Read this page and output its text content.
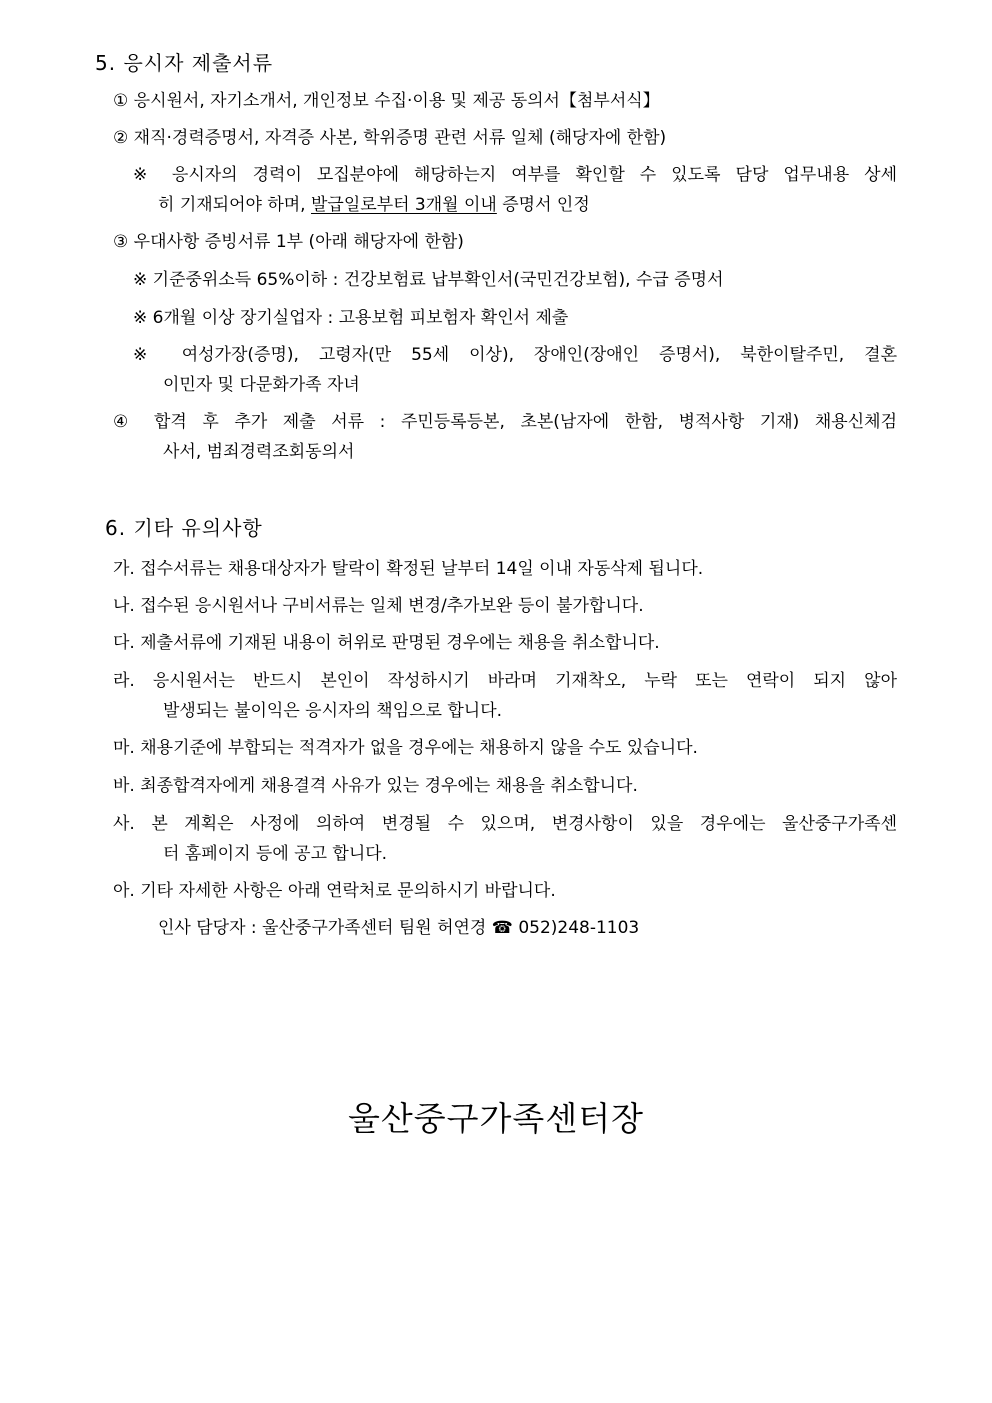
5. 응시자 제출서류
① 응시원서, 자기소개서, 개인정보 수집·이용 및 제공 동의서【첨부서식】
② 재직·경력증명서, 자격증 사본, 학위증명 관련 서류 일체 (해당자에 한함)
※ 응시자의 경력이 모집분야에 해당하는지 여부를 확인할 수 있도록 담당 업무내용 상세
히 기재되어야 하며, 발급일로부터 3개월 이내 증명서 인정
③ 우대사항 증빙서류 1부 (아래 해당자에 한함)
※ 기준중위소득 65%이하 : 건강보험료 납부확인서(국민건강보험), 수급 증명서
※ 6개월 이상 장기실업자 : 고용보험 피보험자 확인서 제출
※ 여성가장(증명), 고령자(만 55세 이상), 장애인(장애인 증명서), 북한이탈주민, 결혼
이민자 및 다문화가족 자녀
④ 합격 후 추가 제출 서류 : 주민등록등본, 초본(남자에 한함, 병적사항 기재) 채용신체검
사서, 범죄경력조회동의서
6. 기타 유의사항
가. 접수서류는 채용대상자가 탈락이 확정된 날부터 14일 이내 자동삭제 됩니다.
나. 접수된 응시원서나 구비서류는 일체 변경/추가보완 등이 불가합니다.
다. 제출서류에 기재된 내용이 허위로 판명된 경우에는 채용을 취소합니다.
라. 응시원서는 반드시 본인이 작성하시기 바라며 기재착오, 누락 또는 연락이 되지 않아
발생되는 불이익은 응시자의 책임으로 합니다.
마. 채용기준에 부합되는 적격자가 없을 경우에는 채용하지 않을 수도 있습니다.
바. 최종합격자에게 채용결격 사유가 있는 경우에는 채용을 취소합니다.
사. 본 계획은 사정에 의하여 변경될 수 있으며, 변경사항이 있을 경우에는 울산중구가족센
터 홈페이지 등에 공고 합니다.
아. 기타 자세한 사항은 아래 연락처로 문의하시기 바랍니다.
인사 담당자 : 울산중구가족센터 팀원 허연경 ☎ 052)248-1103
울산중구가족센터장
